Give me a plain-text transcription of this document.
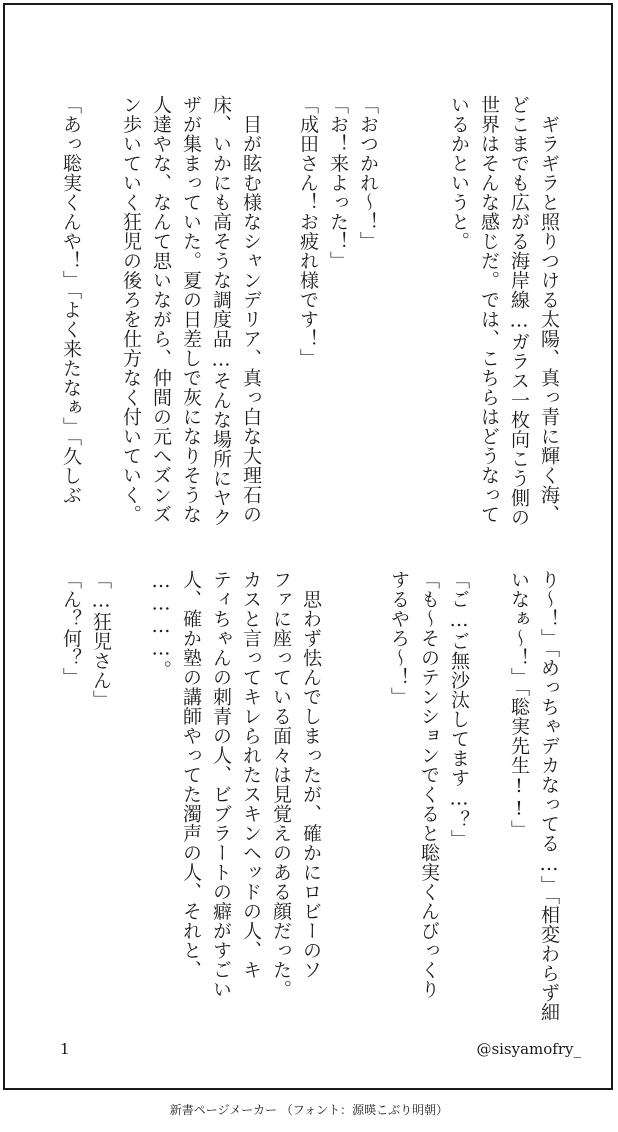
　ギラギラと照りつける太陽、真っ青に輝く海、
どこまでも広がる海岸線…ガラス一枚向こう側の
世界はそんな感じだ。では、こちらはどうなって
いるかというと。
「おつかれ〜！」
「お！来よった！」
「成田さん！お疲れ様です！」
　目が眩む様なシャンデリア、真っ白な大理石の
床、いかにも高そうな調度品…そんな場所にヤク
ザが集まっていた。夏の日差しで灰になりそうな
人達やな、なんて思いながら、仲間の元へズンズ
ン歩いていく狂児の後ろを仕方なく付いていく。

「あっ聡実くんや！」「よく来たなぁ」「久しぶ
り〜！」「めっちゃデカなってる…」「相変わらず細
いなぁ〜！」「聡実先生!!」

「ご…ご無沙汰してます…？」
「も〜そのテンションでくると聡実くんびっくり
するやろ〜！」
　思わず怯んでしまったが、確かにロビーのソ
ファに座っている面々は見覚えのある顔だった。
カスと言ってキレられたスキンヘッドの人、キ
ティちゃんの刺青の人、ビブラートの癖がすごい
人、確か塾の講師やってた濁声の人、それと、
…………。
「…狂児さん」
「ん？何？」
1	@sisyamofry_
新書ページメーカー （フォント：源暎こぶり明朝）
